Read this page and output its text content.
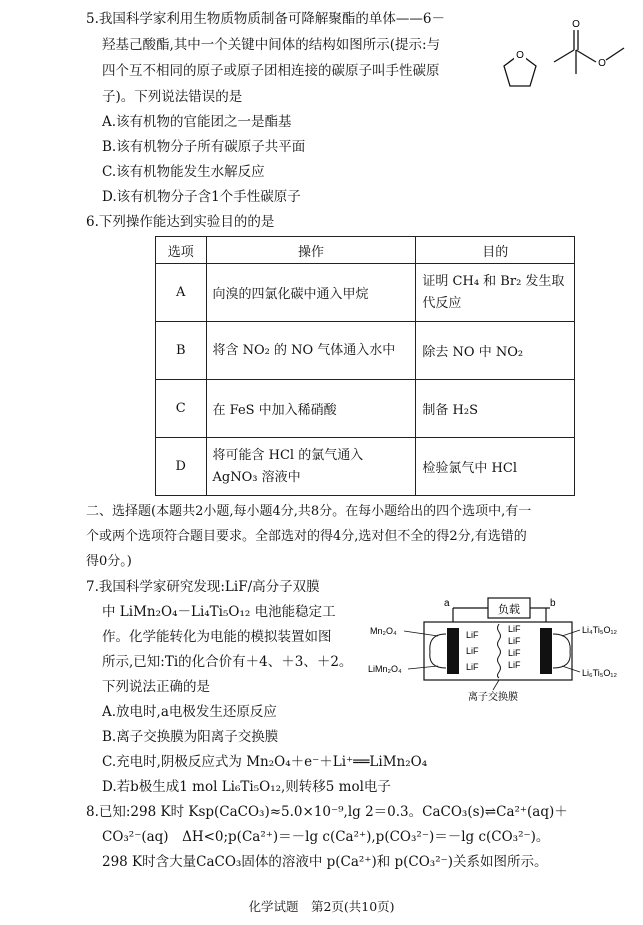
5.我国科学家利用生物质物质制备可降解聚酯的单体——6－
羟基己酸酯,其中一个关键中间体的结构如图所示(提示:与
四个互不相同的原子或原子团相连接的碳原子叫手性碳原
子)。下列说法错误的是
A.该有机物的官能团之一是酯基
B.该有机物分子所有碳原子共平面
C.该有机物能发生水解反应
D.该有机物分子含1个手性碳原子
O
O
O
6.下列操作能达到实验目的的是
选项	操作	目的
A	向溴的四氯化碳中通入甲烷	证明 CH₄ 和 Br₂ 发生取代反应
B	将含 NO₂ 的 NO 气体通入水中	除去 NO 中 NO₂
C	在 FeS 中加入稀硝酸	制备 H₂S
D	将可能含 HCl 的氯气通入 AgNO₃ 溶液中	检验氯气中 HCl
二、选择题(本题共2小题,每小题4分,共8分。在每小题给出的四个选项中,有一
个或两个选项符合题目要求。全部选对的得4分,选对但不全的得2分,有选错的
得0分。)
7.我国科学家研究发现:LiF/高分子双膜
中 LiMn₂O₄－Li₄Ti₅O₁₂ 电池能稳定工
作。化学能转化为电能的模拟装置如图
所示,已知:Ti的化合价有＋4、＋3、＋2。
下列说法正确的是
A.放电时,a电极发生还原反应
B.离子交换膜为阳离子交换膜
C.充电时,阴极反应式为 Mn₂O₄＋e⁻＋Li⁺══LiMn₂O₄
D.若b极生成1 mol Li₆Ti₅O₁₂,则转移5 mol电子
负载
a	b
LiF
LiF
LiF
LiF
LiF
LiF
LiF
离子交换膜
Mn₂O₄
LiMn₂O₄
Li₄Ti₅O₁₂
Li₆Ti₅O₁₂
8.已知:298 K时 Ksp(CaCO₃)≈5.0×10⁻⁹,lg 2＝0.3。CaCO₃(s)⇌Ca²⁺(aq)＋
CO₃²⁻(aq)　ΔH<0;p(Ca²⁺)＝－lg c(Ca²⁺),p(CO₃²⁻)＝－lg c(CO₃²⁻)。
298 K时含大量CaCO₃固体的溶液中 p(Ca²⁺)和 p(CO₃²⁻)关系如图所示。
化学试题　第2页(共10页)
